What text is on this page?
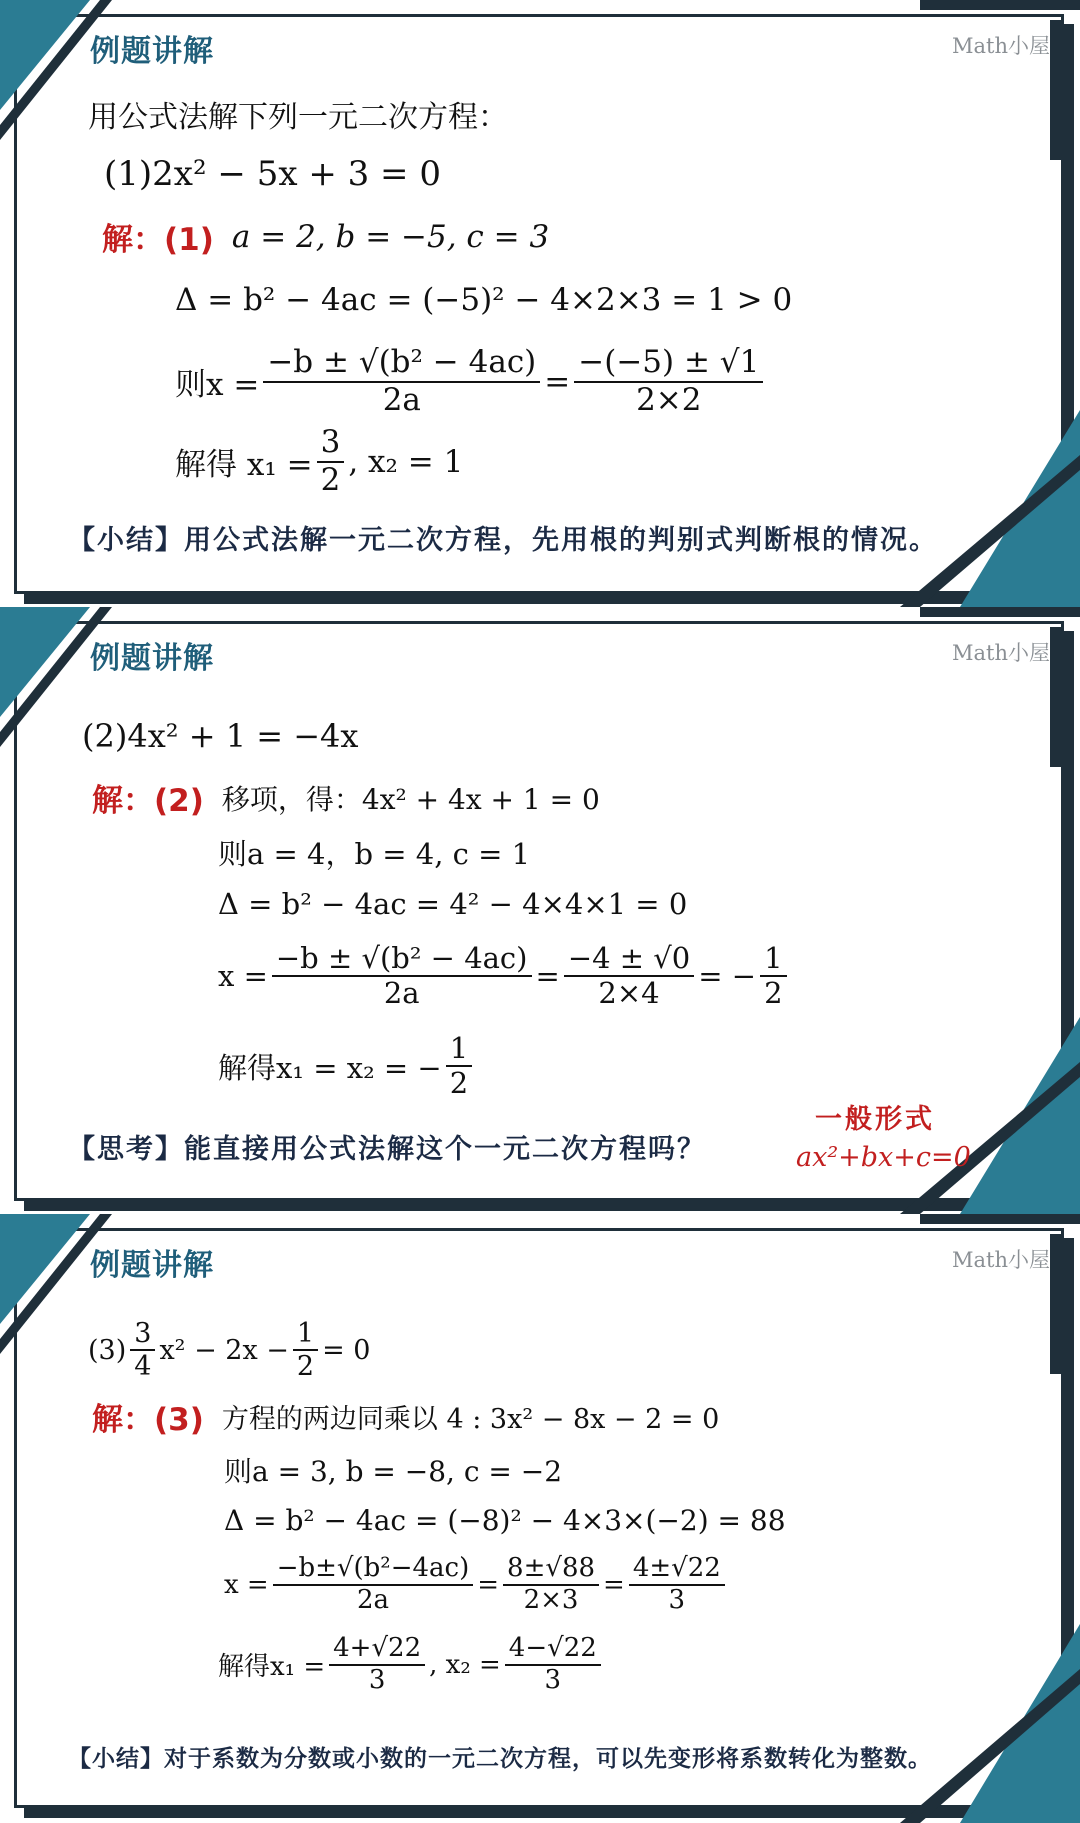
例题讲解	Math小屋
用公式法解下列一元二次方程：
(1)2x² − 5x + 3 = 0
解：(1) a = 2, b = −5, c = 3
Δ = b² − 4ac = (−5)² − 4×2×3 = 1 > 0
则$x = \frac{\text{−b ± √(b² − 4ac)}}{2a} = \frac{-(-5) \pm √1}{2\times 2}$
解得 $x_1 = \frac{3}{2}$ , x₂ = 1
【小结】用公式法解一元二次方程，先用根的判别式判断根的情况。
例题讲解	Math小屋
(2)4x² + 1 = −4x
解：(2) 移项，得：4x² + 4x + 1 = 0
则a = 4，b = 4, c = 1
Δ = b² − 4ac = 4² − 4×4×1 = 0
$x = \frac{\text{−b ± √(b² − 4ac)}}{2a} = \frac{-4 \pm √0}{2\times 4}$ = − $\frac{1}{2}$
解得x₁ = x₂ = − $\frac{1}{2}$
【思考】能直接用公式法解这个一元二次方程吗？
一般形式
ax²+bx+c=0
例题讲解	Math小屋
$(3) \frac{3}{4} x^2 - 2x - \frac{1}{2} = 0$
解：(3) 方程的两边同乘以 4 : 3x² − 8x − 2 = 0
则a = 3, b = −8, c = −2
Δ = b² − 4ac = (−8)² − 4×3×(−2) = 88
$x = \frac{\text{−b±√(b²−4ac)}}{2a} = \frac{8\pm√88}{2\times 3} = \frac{4\pm√22}{3}$
解得$x_1 = \frac{4+√22}{3}$ , $x_2 = \frac{4-√22}{3}$
【小结】对于系数为分数或小数的一元二次方程，可以先变形将系数转化为整数。
